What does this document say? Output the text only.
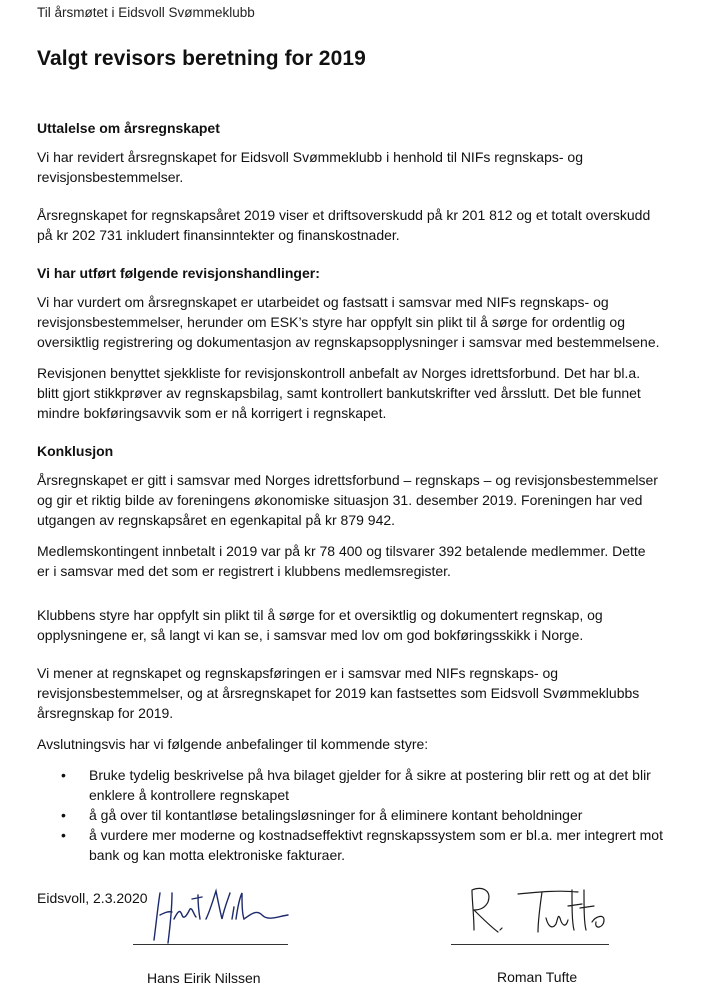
Til årsmøtet i Eidsvoll Svømmeklubb
Valgt revisors beretning for 2019
Uttalelse om årsregnskapet

Vi har revidert årsregnskapet for Eidsvoll Svømmeklubb i henhold til NIFs regnskaps- og
revisjonsbestemmelser.

Årsregnskapet for regnskapsåret 2019 viser et driftsoverskudd på kr 201 812 og et totalt overskudd
på kr 202 731 inkludert finansinntekter og finanskostnader.

Vi har utført følgende revisjonshandlinger:

Vi har vurdert om årsregnskapet er utarbeidet og fastsatt i samsvar med NIFs regnskaps- og
revisjonsbestemmelser, herunder om ESK’s styre har oppfylt sin plikt til å sørge for ordentlig og
oversiktlig registrering og dokumentasjon av regnskapsopplysninger i samsvar med bestemmelsene.

Revisjonen benyttet sjekkliste for revisjonskontroll anbefalt av Norges idrettsforbund. Det har bl.a.
blitt gjort stikkprøver av regnskapsbilag, samt kontrollert bankutskrifter ved årsslutt. Det ble funnet
mindre bokføringsavvik som er nå korrigert i regnskapet.

Konklusjon

Årsregnskapet er gitt i samsvar med Norges idrettsforbund – regnskaps – og revisjonsbestemmelser
og gir et riktig bilde av foreningens økonomiske situasjon 31. desember 2019. Foreningen har ved
utgangen av regnskapsåret en egenkapital på kr 879 942.

Medlemskontingent innbetalt i 2019 var på kr 78 400 og tilsvarer 392 betalende medlemmer. Dette
er i samsvar med det som er registrert i klubbens medlemsregister.

Klubbens styre har oppfylt sin plikt til å sørge for et oversiktlig og dokumentert regnskap, og
opplysningene er, så langt vi kan se, i samsvar med lov om god bokføringsskikk i Norge.

Vi mener at regnskapet og regnskapsføringen er i samsvar med NIFs regnskaps- og
revisjonsbestemmelser, og at årsregnskapet for 2019 kan fastsettes som Eidsvoll Svømmeklubbs
årsregnskap for 2019.

Avslutningsvis har vi følgende anbefalinger til kommende styre:

• Bruke tydelig beskrivelse på hva bilaget gjelder for å sikre at postering blir rett og at det blir
enklere å kontrollere regnskapet
• å gå over til kontantløse betalingsløsninger for å eliminere kontant beholdninger
• å vurdere mer moderne og kostnadseffektivt regnskapssystem som er bl.a. mer integrert mot
bank og kan motta elektroniske fakturaer.
Eidsvoll, 2.3.2020
Hans Eirik Nilssen	Roman Tufte
